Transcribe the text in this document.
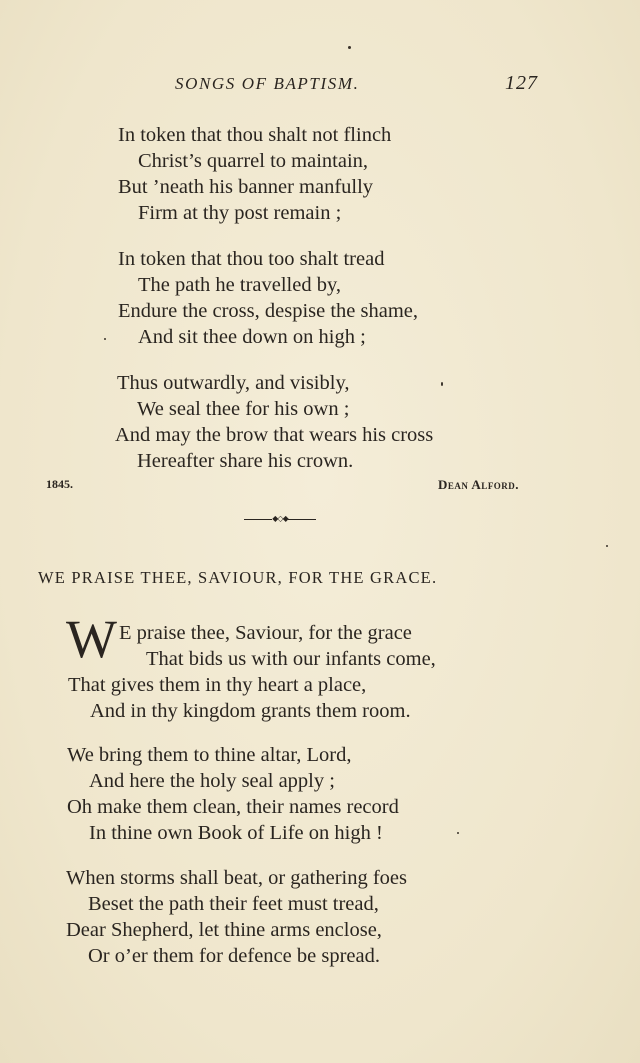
SONGS OF BAPTISM.	127
In token that thou shalt not flinch
Christ’s quarrel to maintain,
But ’neath his banner manfully
Firm at thy post remain ;
In token that thou too shalt tread
The path he travelled by,
Endure the cross, despise the shame,
And sit thee down on high ;
Thus outwardly, and visibly,
We seal thee for his own ;
And may the brow that wears his cross
Hereafter share his crown.
1845.	Dean Alford.
◆◇◆
WE PRAISE THEE, SAVIOUR, FOR THE GRACE.
W E praise thee, Saviour, for the grace
That bids us with our infants come,
That gives them in thy heart a place,
And in thy kingdom grants them room.
We bring them to thine altar, Lord,
And here the holy seal apply ;
Oh make them clean, their names record
In thine own Book of Life on high !
When storms shall beat, or gathering foes
Beset the path their feet must tread,
Dear Shepherd, let thine arms enclose,
Or o’er them for defence be spread.
